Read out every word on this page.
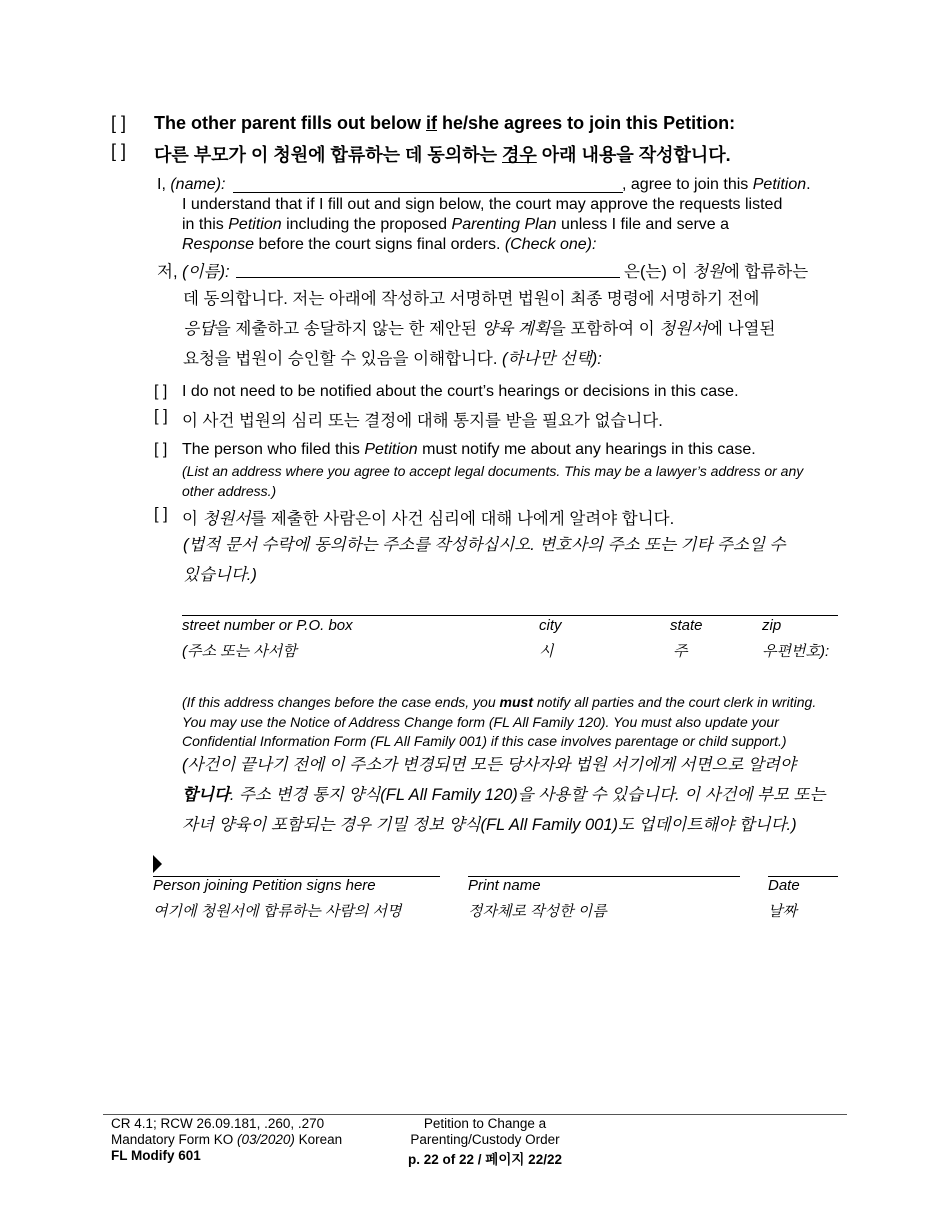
[ ] The other parent fills out below if he/she agrees to join this Petition:
[ ] 다른 부모가 이 청원에 합류하는 데 동의하는 경우 아래 내용을 작성합니다.
I, (name):	, agree to join this Petition.
I understand that if I fill out and sign below, the court may approve the requests listed
in this Petition including the proposed Parenting Plan unless I file and serve a
Response before the court signs final orders. (Check one):
저, (이름):	은(는) 이 청원에 합류하는
데 동의합니다. 저는 아래에 작성하고 서명하면 법원이 최종 명령에 서명하기 전에
응답을 제출하고 송달하지 않는 한 제안된 양육 계획을 포함하여 이 청원서에 나열된
요청을 법원이 승인할 수 있음을 이해합니다. (하나만 선택):
[ ] I do not need to be notified about the court’s hearings or decisions in this case.
[ ] 이 사건 법원의 심리 또는 결정에 대해 통지를 받을 필요가 없습니다.
[ ] The person who filed this Petition must notify me about any hearings in this case.
(List an address where you agree to accept legal documents. This may be a lawyer’s address or any
other address.)
[ ] 이 청원서를 제출한 사람은이 사건 심리에 대해 나에게 알려야 합니다.
(법적 문서 수락에 동의하는 주소를 작성하십시오. 변호사의 주소 또는 기타 주소일 수
있습니다.)
street number or P.O. box	city	state	zip
(주소 또는 사서함	시	주	우편번호):
(If this address changes before the case ends, you must notify all parties and the court clerk in writing.
You may use the Notice of Address Change form (FL All Family 120). You must also update your
Confidential Information Form (FL All Family 001) if this case involves parentage or child support.)
(사건이 끝나기 전에 이 주소가 변경되면 모든 당사자와 법원 서기에게 서면으로 알려야
합니다. 주소 변경 통지 양식(FL All Family 120)을 사용할 수 있습니다. 이 사건에 부모 또는
자녀 양육이 포함되는 경우 기밀 정보 양식(FL All Family 001)도 업데이트해야 합니다.)
Person joining Petition signs here	Print name	Date
여기에 청원서에 합류하는 사람의 서명	정자체로 작성한 이름	날짜
CR 4.1; RCW 26.09.181, .260, .270
Mandatory Form KO (03/2020) Korean
FL Modify 601
Petition to Change a
Parenting/Custody Order
p. 22 of 22 / 페이지 22/22
